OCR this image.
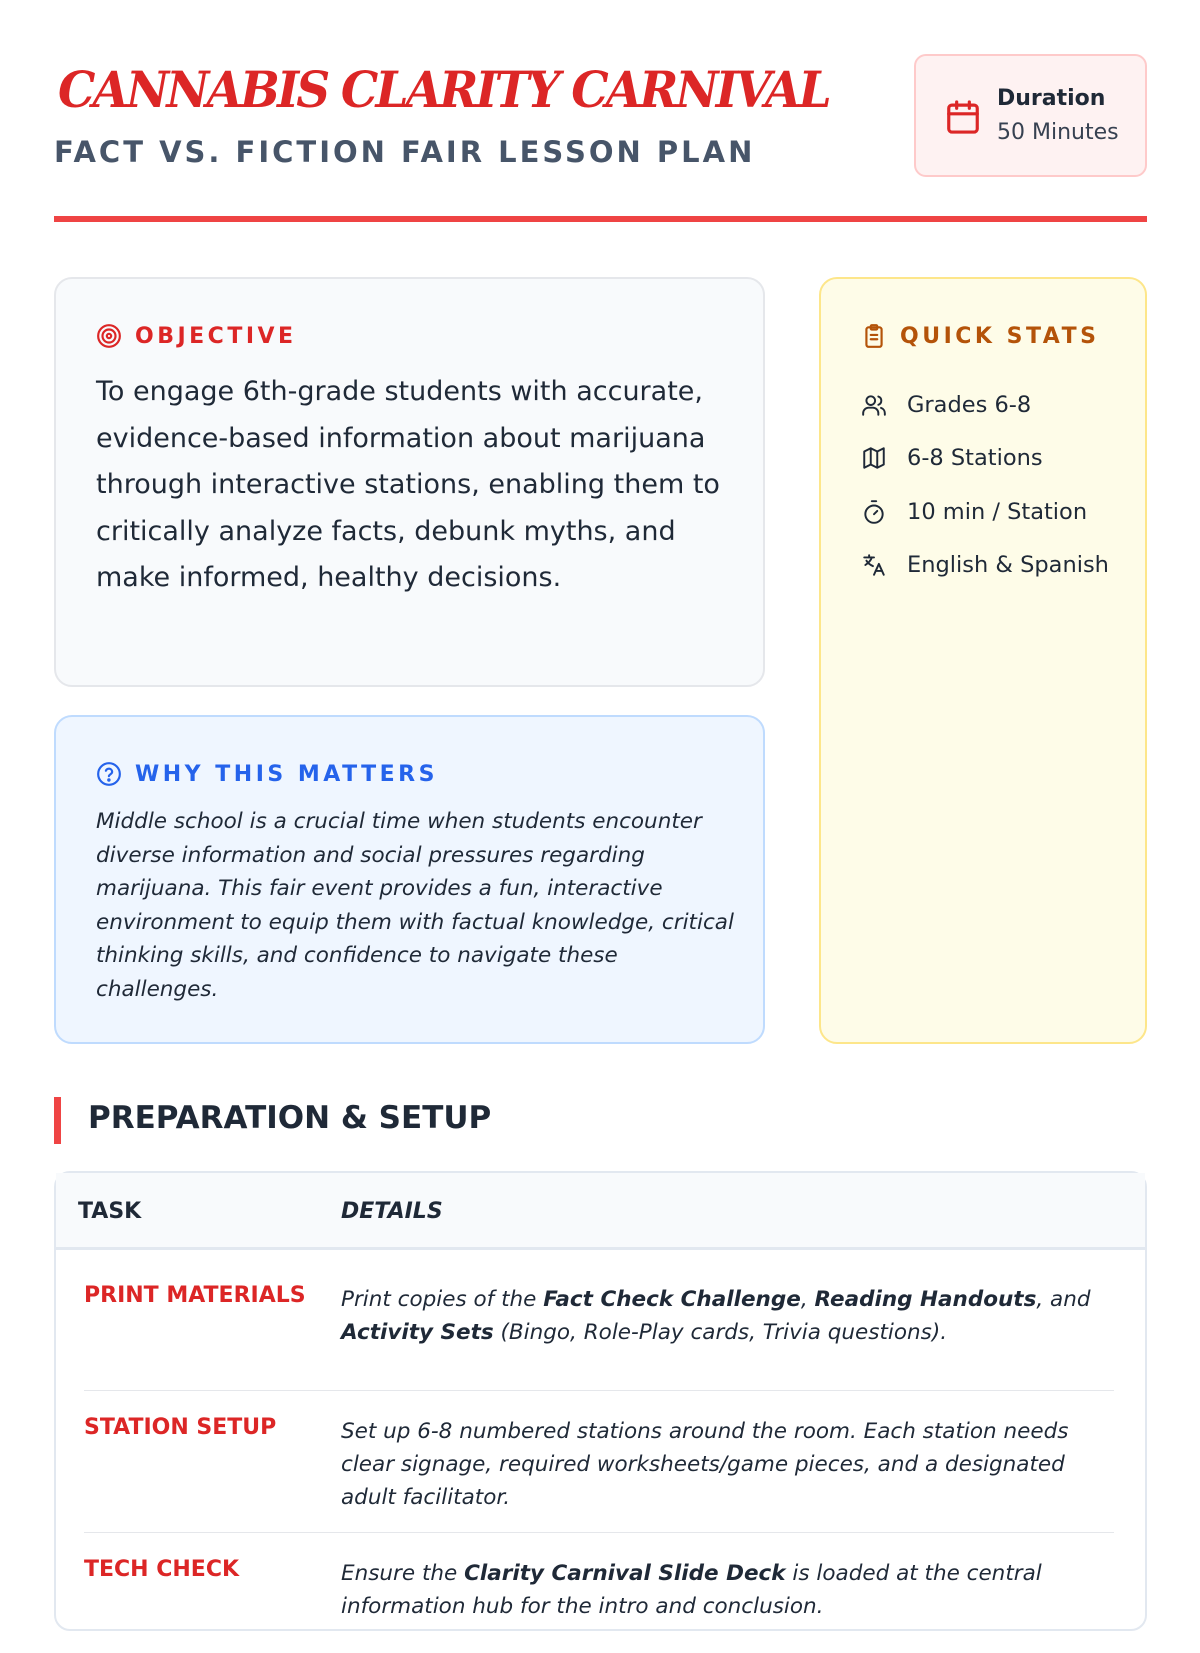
CANNABIS CLARITY CARNIVAL
FACT VS. FICTION FAIR LESSON PLAN
Duration
50 Minutes
OBJECTIVE
To engage 6th-grade students with accurate, evidence-based information about marijuana through interactive stations, enabling them to critically analyze facts, debunk myths, and make informed, healthy decisions.
WHY THIS MATTERS
Middle school is a crucial time when students encounter diverse information and social pressures regarding marijuana. This fair event provides a fun, interactive environment to equip them with factual knowledge, critical thinking skills, and confidence to navigate these challenges.
QUICK STATS
Grades 6-8
6-8 Stations
10 min / Station
English & Spanish
PREPARATION & SETUP
TASK	DETAILS
PRINT MATERIALS Print copies of the Fact Check Challenge, Reading Handouts, and Activity Sets (Bingo, Role-Play cards, Trivia questions).
STATION SETUP	Set up 6-8 numbered stations around the room. Each station needs clear signage, required worksheets/game pieces, and a designated adult facilitator.
TECH CHECK	Ensure the Clarity Carnival Slide Deck is loaded at the central information hub for the intro and conclusion.
